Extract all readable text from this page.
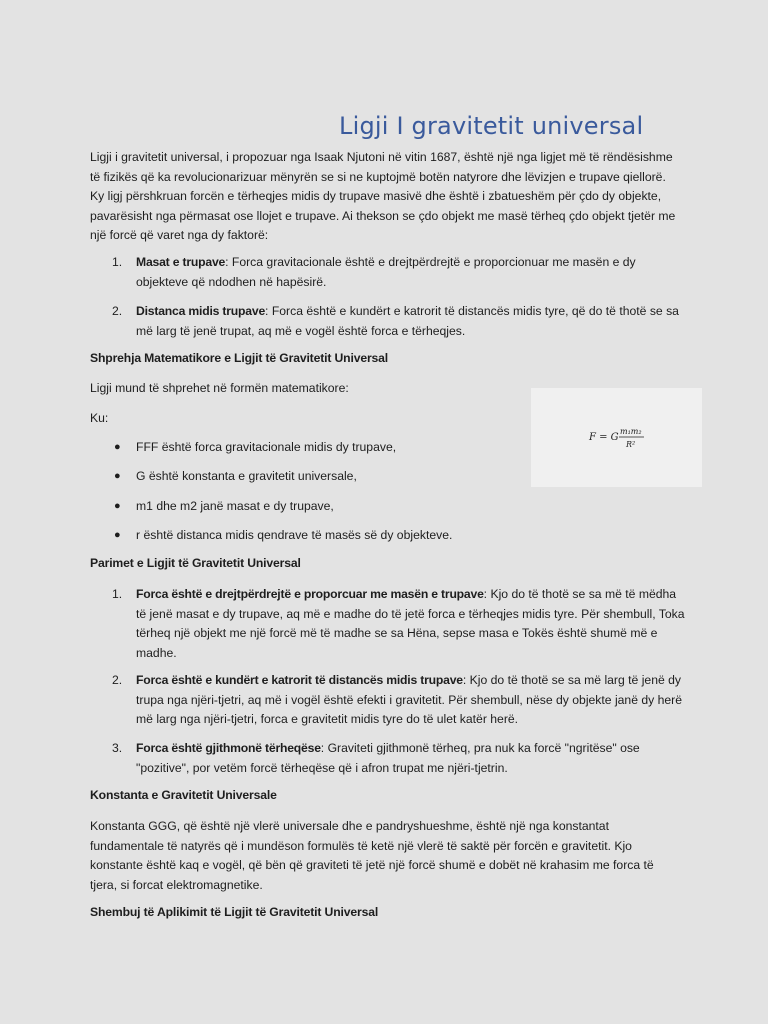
Ligji I gravitetit universal

Ligji i gravitetit universal, i propozuar nga Isaak Njutoni në vitin 1687, është një nga ligjet më të rëndësishme të fizikës që ka revolucionarizuar mënyrën se si ne kuptojmë botën natyrore dhe lëvizjen e trupave qiellorë. Ky ligj përshkruan forcën e tërheqjes midis dy trupave masivë dhe është i zbatueshëm për çdo dy objekte, pavarësisht nga përmasat ose llojet e trupave. Ai thekson se çdo objekt me masë tërheq çdo objekt tjetër me një forcë që varet nga dy faktorë:

1. Masat e trupave: Forca gravitacionale është e drejtpërdrejtë e proporcionuar me masën e dy objekteve që ndodhen në hapësirë.
2. Distanca midis trupave: Forca është e kundërt e katrorit të distancës midis tyre, që do të thotë se sa më larg të jenë trupat, aq më e vogël është forca e tërheqjes.
Shprehja Matematikore e Ligjit të Gravitetit Universal

Ligji mund të shprehet në formën matematikore:

Ku:

F = G
m₁m₂
R²
● FFF është forca gravitacionale midis dy trupave,
● G është konstanta e gravitetit universale,
● m1 dhe m2 janë masat e dy trupave,
● r është distanca midis qendrave të masës së dy objekteve.
Parimet e Ligjit të Gravitetit Universal
1. Forca është e drejtpërdrejtë e proporcuar me masën e trupave: Kjo do të thotë se sa më të mëdha të jenë masat e dy trupave, aq më e madhe do të jetë forca e tërheqjes midis tyre. Për shembull, Toka tërheq një objekt me një forcë më të madhe se sa Hëna, sepse masa e Tokës është shumë më e madhe.
2. Forca është e kundërt e katrorit të distancës midis trupave: Kjo do të thotë se sa më larg të jenë dy trupa nga njëri-tjetri, aq më i vogël është efekti i gravitetit. Për shembull, nëse dy objekte janë dy herë më larg nga njëri-tjetri, forca e gravitetit midis tyre do të ulet katër herë.
3. Forca është gjithmonë tërheqëse: Graviteti gjithmonë tërheq, pra nuk ka forcë "ngritëse" ose "pozitive", por vetëm forcë tërheqëse që i afron trupat me njëri-tjetrin.
Konstanta e Gravitetit Universale

Konstanta GGG, që është një vlerë universale dhe e pandryshueshme, është një nga konstantat fundamentale të natyrës që i mundëson formulës të ketë një vlerë të saktë për forcën e gravitetit. Kjo konstante është kaq e vogël, që bën që graviteti të jetë një forcë shumë e dobët në krahasim me forca të tjera, si forcat elektromagnetike.

Shembuj të Aplikimit të Ligjit të Gravitetit Universal
